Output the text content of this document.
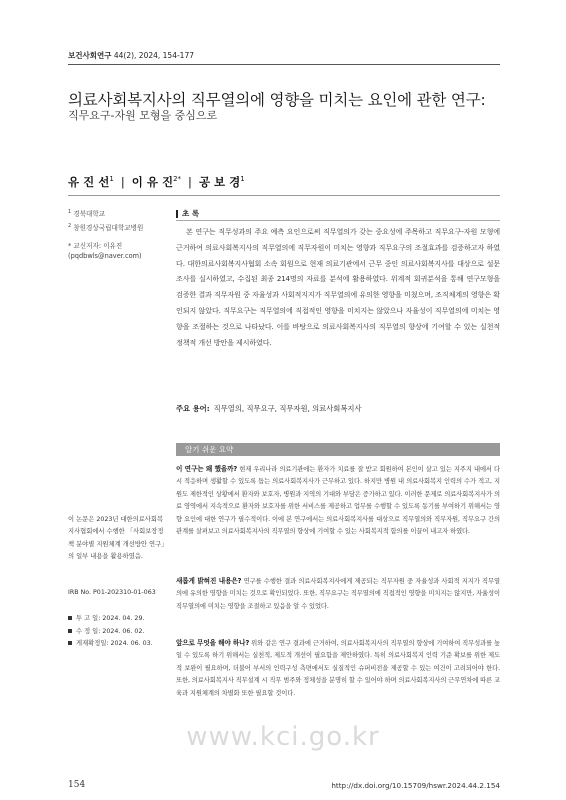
보건사회연구 44(2), 2024, 154-177
의료사회복지사의 직무열의에 영향을 미치는 요인에 관한 연구:
직무요구-자원 모형을 중심으로
유 진 선$^1$ | 이 유 진$^{2*}$ | 공 보 경$^1$
$^1$ 경북대학교
$^2$ 창원경상국립대학교병원
* 교신저자: 이유진
(pqdbwls@naver.com)
초 록

본 연구는 직무성과의 주요 예측 요인으로써 직무열의가 갖는 중요성에 주목하고 직무요구-자원 모형에 근거하여 의료사회복지사의 직무열의에 직무자원이 미치는 영향과 직무요구의 조절효과를 검증하고자 하였다. 대한의료사회복지사협회 소속 회원으로 현재 의료기관에서 근무 중인 의료사회복지사를 대상으로 설문조사를 실시하였고, 수집된 최종 214명의 자료를 분석에 활용하였다. 위계적 회귀분석을 통해 연구모형을 검증한 결과 직무자원 중 자율성과 사회적지지가 직무열의에 유의한 영향을 미쳤으며, 조직체계의 영향은 확인되지 않았다. 직무요구는 직무열의에 직접적인 영향을 미치지는 않았으나 자율성이 직무열의에 미치는 영향을 조절하는 것으로 나타났다. 이를 바탕으로 의료사회복지사의 직무열의 향상에 기여할 수 있는 실천적 정책적 개선 방안을 제시하였다.

주요 용어: 직무열의, 직무요구, 직무자원, 의료사회복지사
알기 쉬운 요약

이 연구는 왜 했을까? 현재 우리나라 의료기관에는 환자가 치료를 잘 받고 회원하여 본인이 살고 있는 지주지 내에서 다시 적응하며 생활할 수 있도록 돕는 의료사회복지사가 근무하고 있다. 하지만 병원 내 의료사회복지 인력의 수가 적고, 지원도 제한적인 상황에서 환자와 보호자, 병원과 지역의 기대와 부담은 증가하고 있다. 이러한 문제로 의료사회복지사가 의료 영역에서 지속적으로 환자와 보호자를 위한 서비스를 제공하고 업무를 수행할 수 있도록 동기를 부여하기 위해서는 영향 요인에 대한 연구가 필수적이다. 이에 본 연구에서는 의료사회복지사를 대상으로 직무열의와 직무자원, 직무요구 간의 관계를 살펴보고 의료사회복지사의 직무열의 향상에 기여할 수 있는 사회복지적 함의를 이끌어 내고자 하였다.

새롭게 밝혀진 내용은? 연구를 수행한 결과 의료사회복지사에게 제공되는 직무자원 중 자율성과 사회적 지지가 직무열의에 유의한 영향을 미치는 것으로 확인되었다. 또한, 직무요구는 직무열의에 직접적인 영향을 미치지는 않지만, 자율성이 직무열의에 미치는 영향을 조절하고 있음을 알 수 있었다.

앞으로 무엇을 해야 하나? 위와 같은 연구 결과에 근거하여, 의료사회복지사의 직무열의 향상에 기여하여 직무성과를 높일 수 있도록 하기 위해서는 실천적, 제도적 개선이 필요함을 제안하였다. 특히 의료사회복지 인력 기준 확보를 위한 제도적 보완이 필요하며, 더불어 부서의 인력구성 측면에서도 실질적인 슈퍼비전을 제공할 수 있는 여건이 고려되어야 한다. 또한, 의료사회복지사 직무설계 시 직무 범주와 정체성을 분명히 할 수 있어야 하며 의료사회복지사의 근무연차에 따른 교육과 지원체계의 차별화 또한 필요할 것이다.

이 논문은 2023년 대한의료사회복지사협회에서 수행한 「사회보장정책 분야별 지원체계 개선방안 연구」의 일부 내용을 활용하였음.

IRB No. P01-202310-01-063
투 고 일: 2024. 04. 29.
수 정 일: 2024. 06. 02.
게재확정일: 2024. 06. 03.
www.kci.go.kr
154	http://dx.doi.org/10.15709/hswr.2024.44.2.154
